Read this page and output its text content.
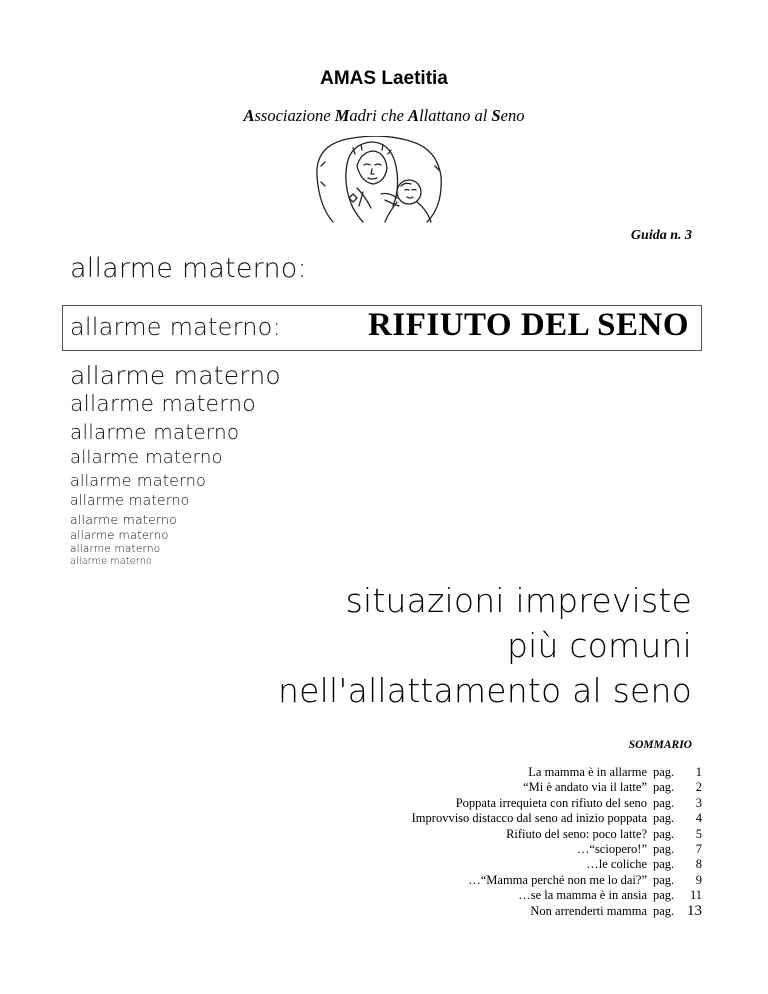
AMAS Laetitia
Associazione Madri che Allattano al Seno
Guida n. 3
allarme materno:
allarme materno:	RIFIUTO DEL SENO
allarme materno
allarme materno
allarme materno
allarme materno
allarme materno
allarme materno
allarme materno
allarme materno
allarme materno
allarme materno
situazioni impreviste
più comuni
nell'allattamento al seno
SOMMARIO
La mamma è in allarme pag.	1
“Mi è andato via il latte” pag.	2
Poppata irrequieta con rifiuto del seno pag.	3
Improvviso distacco dal seno ad inizio poppata pag.	4
Rifiuto del seno: poco latte? pag.	5
…“sciopero!” pag.	7
…le coliche pag.	8
…“Mamma perché non me lo dai?” pag.	9
…se la mamma è in ansia pag.	11
Non arrenderti mamma pag. 13
